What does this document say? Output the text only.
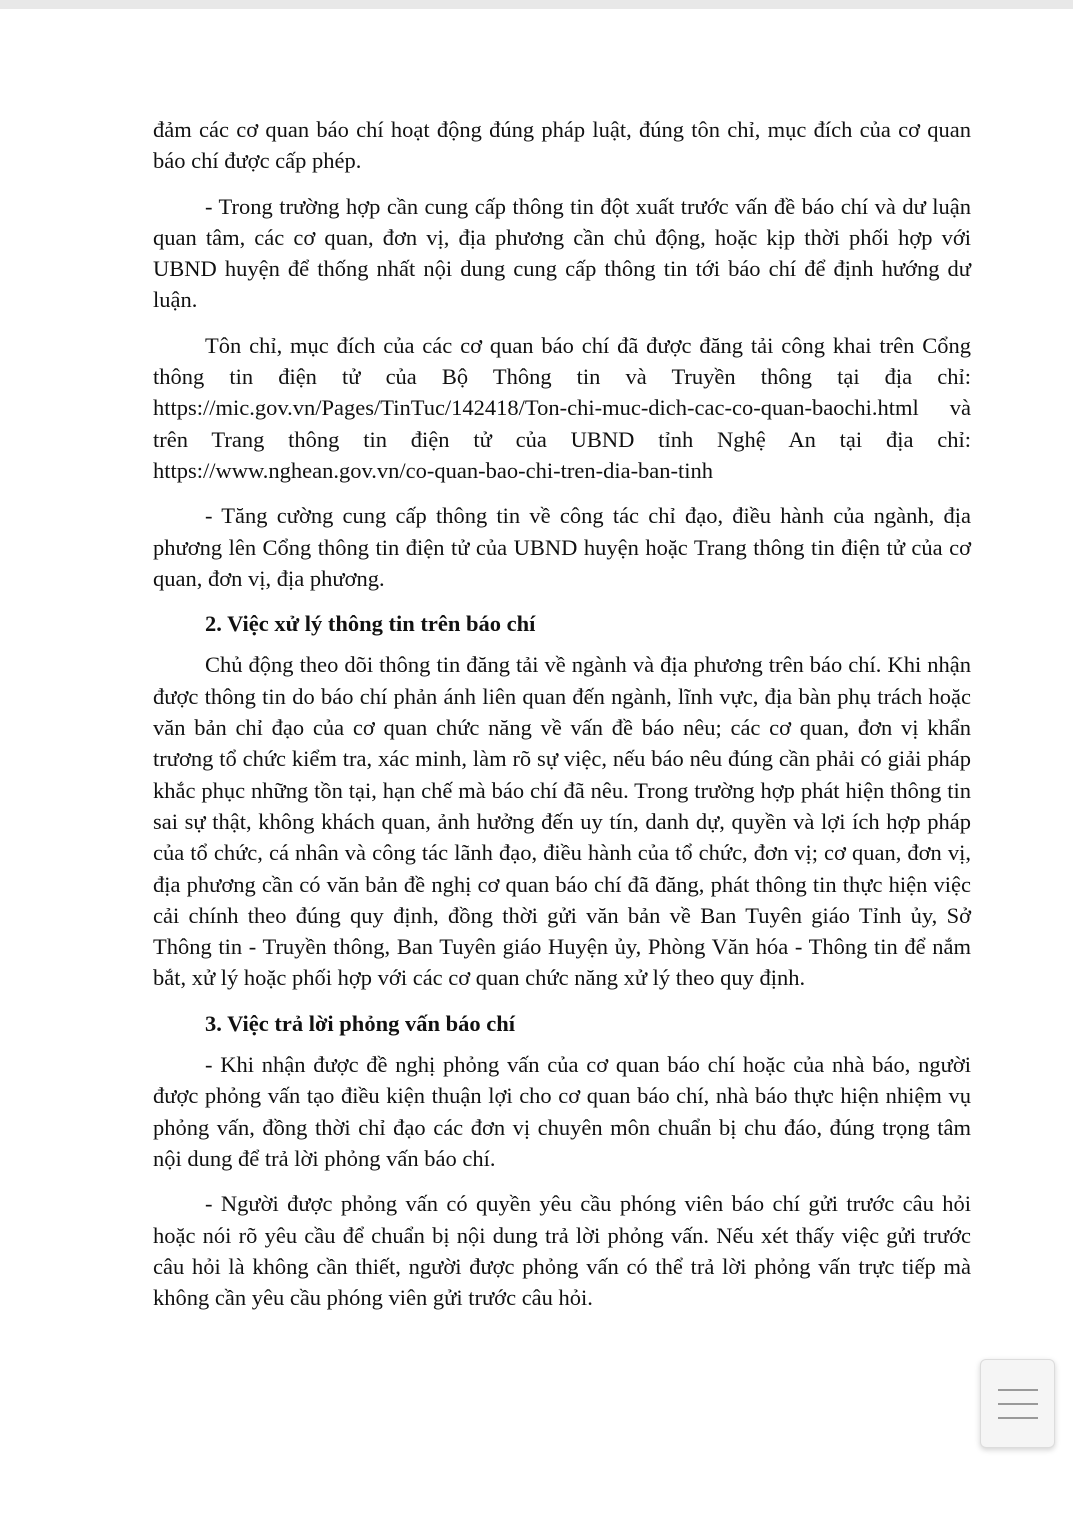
đảm các cơ quan báo chí hoạt động đúng pháp luật, đúng tôn chỉ, mục đích của cơ quan báo chí được cấp phép.

- Trong trường hợp cần cung cấp thông tin đột xuất trước vấn đề báo chí và dư luận quan tâm, các cơ quan, đơn vị, địa phương cần chủ động, hoặc kịp thời phối hợp với UBND huyện để thống nhất nội dung cung cấp thông tin tới báo chí để định hướng dư luận.

Tôn chỉ, mục đích của các cơ quan báo chí đã được đăng tải công khai trên Cổng thông tin điện tử của Bộ Thông tin và Truyền thông tại địa chỉ: https://mic.gov.vn/Pages/TinTuc/142418/Ton-chi-muc-dich-cac-co-quan-baochi.html và trên Trang thông tin điện tử của UBND tỉnh Nghệ An tại địa chỉ: https://www.nghean.gov.vn/co-quan-bao-chi-tren-dia-ban-tinh

- Tăng cường cung cấp thông tin về công tác chỉ đạo, điều hành của ngành, địa phương lên Cổng thông tin điện tử của UBND huyện hoặc Trang thông tin điện tử của cơ quan, đơn vị, địa phương.

2. Việc xử lý thông tin trên báo chí

Chủ động theo dõi thông tin đăng tải về ngành và địa phương trên báo chí. Khi nhận được thông tin do báo chí phản ánh liên quan đến ngành, lĩnh vực, địa bàn phụ trách hoặc văn bản chỉ đạo của cơ quan chức năng về vấn đề báo nêu; các cơ quan, đơn vị khẩn trương tổ chức kiểm tra, xác minh, làm rõ sự việc, nếu báo nêu đúng cần phải có giải pháp khắc phục những tồn tại, hạn chế mà báo chí đã nêu. Trong trường hợp phát hiện thông tin sai sự thật, không khách quan, ảnh hưởng đến uy tín, danh dự, quyền và lợi ích hợp pháp của tổ chức, cá nhân và công tác lãnh đạo, điều hành của tổ chức, đơn vị; cơ quan, đơn vị, địa phương cần có văn bản đề nghị cơ quan báo chí đã đăng, phát thông tin thực hiện việc cải chính theo đúng quy định, đồng thời gửi văn bản về Ban Tuyên giáo Tỉnh ủy, Sở Thông tin - Truyền thông, Ban Tuyên giáo Huyện ủy, Phòng Văn hóa - Thông tin để nắm bắt, xử lý hoặc phối hợp với các cơ quan chức năng xử lý theo quy định.

3. Việc trả lời phỏng vấn báo chí

- Khi nhận được đề nghị phỏng vấn của cơ quan báo chí hoặc của nhà báo, người được phỏng vấn tạo điều kiện thuận lợi cho cơ quan báo chí, nhà báo thực hiện nhiệm vụ phỏng vấn, đồng thời chỉ đạo các đơn vị chuyên môn chuẩn bị chu đáo, đúng trọng tâm nội dung để trả lời phỏng vấn báo chí.

- Người được phỏng vấn có quyền yêu cầu phóng viên báo chí gửi trước câu hỏi hoặc nói rõ yêu cầu để chuẩn bị nội dung trả lời phỏng vấn. Nếu xét thấy việc gửi trước câu hỏi là không cần thiết, người được phỏng vấn có thể trả lời phỏng vấn trực tiếp mà không cần yêu cầu phóng viên gửi trước câu hỏi.
